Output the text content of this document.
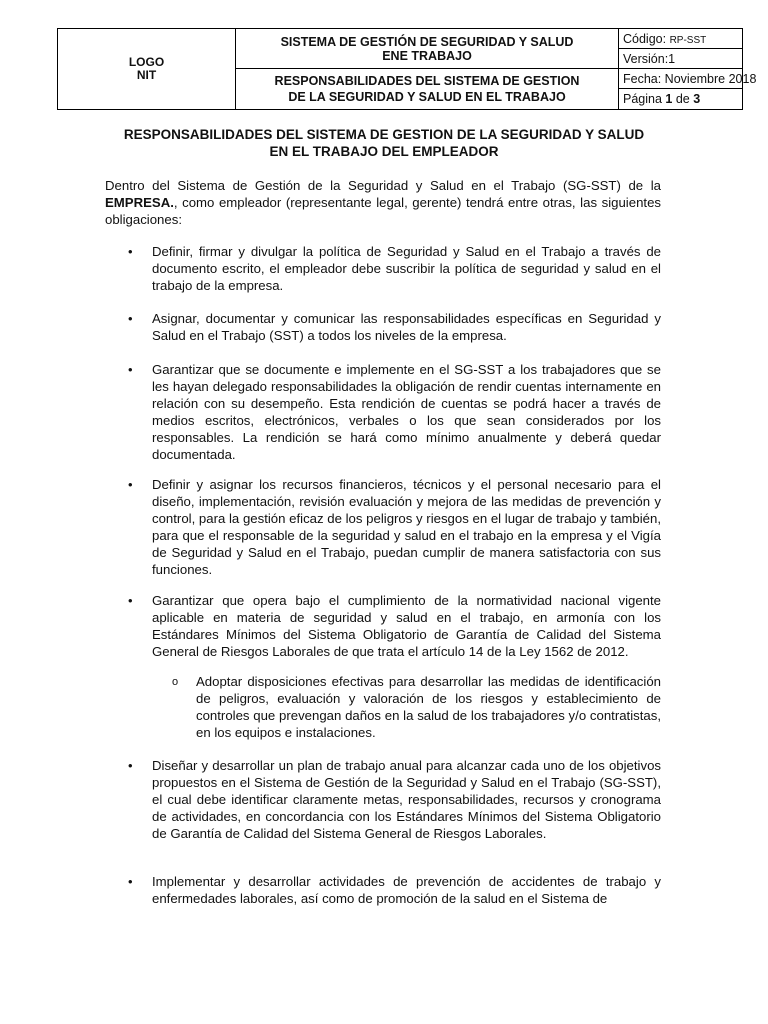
LOGO
NIT
SISTEMA DE GESTIÓN DE SEGURIDAD Y SALUD
ENE TRABAJO
RESPONSABILIDADES DEL SISTEMA DE GESTION
DE LA SEGURIDAD Y SALUD EN EL TRABAJO
Código: RP-SST
Versión:1
Fecha: Noviembre 2018
Página 1 de 3
RESPONSABILIDADES DEL SISTEMA DE GESTION DE LA SEGURIDAD Y SALUD
EN EL TRABAJO DEL EMPLEADOR

Dentro del Sistema de Gestión de la Seguridad y Salud en el Trabajo (SG-SST) de la EMPRESA., como empleador (representante legal, gerente) tendrá entre otras, las siguientes obligaciones:

• Definir, firmar y divulgar la política de Seguridad y Salud en el Trabajo a través de documento escrito, el empleador debe suscribir la política de seguridad y salud en el trabajo de la empresa.

• Asignar, documentar y comunicar las responsabilidades específicas en Seguridad y Salud en el Trabajo (SST) a todos los niveles de la empresa.

• Garantizar que se documente e implemente en el SG-SST a los trabajadores que se les hayan delegado responsabilidades la obligación de rendir cuentas internamente en relación con su desempeño. Esta rendición de cuentas se podrá hacer a través de medios escritos, electrónicos, verbales o los que sean considerados por los responsables. La rendición se hará como mínimo anualmente y deberá quedar documentada.

• Definir y asignar los recursos financieros, técnicos y el personal necesario para el diseño, implementación, revisión evaluación y mejora de las medidas de prevención y control, para la gestión eficaz de los peligros y riesgos en el lugar de trabajo y también, para que el responsable de la seguridad y salud en el trabajo en la empresa y el Vigía de Seguridad y Salud en el Trabajo, puedan cumplir de manera satisfactoria con sus funciones.

• Garantizar que opera bajo el cumplimiento de la normatividad nacional vigente aplicable en materia de seguridad y salud en el trabajo, en armonía con los Estándares Mínimos del Sistema Obligatorio de Garantía de Calidad del Sistema General de Riesgos Laborales de que trata el artículo 14 de la Ley 1562 de 2012.

o Adoptar disposiciones efectivas para desarrollar las medidas de identificación de peligros, evaluación y valoración de los riesgos y establecimiento de controles que prevengan daños en la salud de los trabajadores y/o contratistas, en los equipos e instalaciones.

• Diseñar y desarrollar un plan de trabajo anual para alcanzar cada uno de los objetivos propuestos en el Sistema de Gestión de la Seguridad y Salud en el Trabajo (SG-SST), el cual debe identificar claramente metas, responsabilidades, recursos y cronograma de actividades, en concordancia con los Estándares Mínimos del Sistema Obligatorio de Garantía de Calidad del Sistema General de Riesgos Laborales.

• Implementar y desarrollar actividades de prevención de accidentes de trabajo y enfermedades laborales, así como de promoción de la salud en el Sistema de
